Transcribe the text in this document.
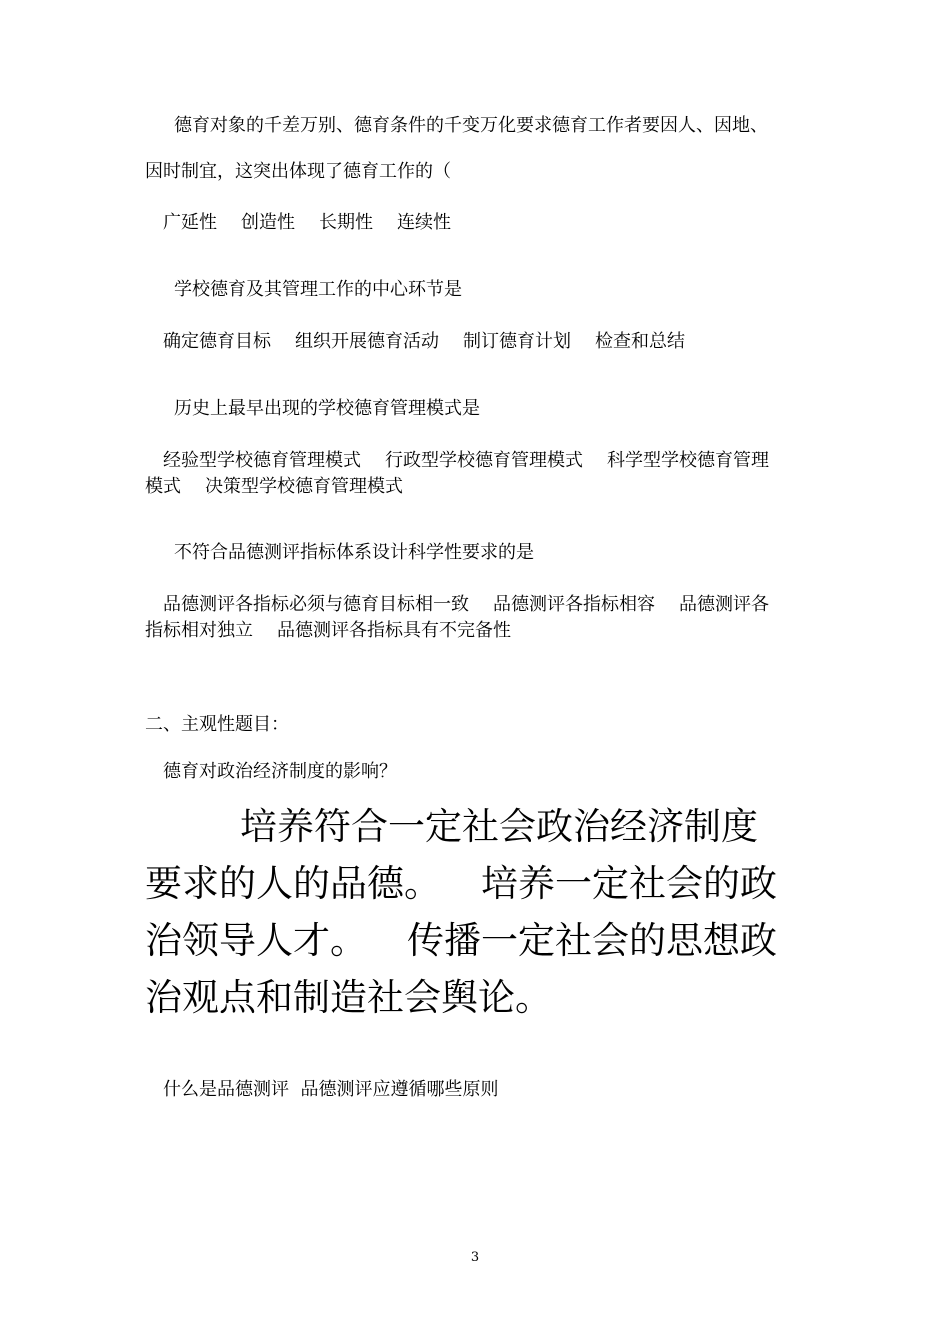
德育对象的千差万别、德育条件的千变万化要求德育工作者要因人、因地、
因时制宜，这突出体现了德育工作的（
广延性 创造性 长期性 连续性
学校德育及其管理工作的中心环节是
确定德育目标 组织开展德育活动 制订德育计划 检查和总结
历史上最早出现的学校德育管理模式是
经验型学校德育管理模式 行政型学校德育管理模式 科学型学校德育管理
模式 决策型学校德育管理模式
不符合品德测评指标体系设计科学性要求的是
品德测评各指标必须与德育目标相一致 品德测评各指标相容 品德测评各
指标相对独立 品德测评各指标具有不完备性
二、主观性题目：
德育对政治经济制度的影响？
培养符合一定社会政治经济制度
要求的人的品德。 培养一定社会的政
治领导人才。 传播一定社会的思想政
治观点和制造社会舆论。
什么是品德测评  品德测评应遵循哪些原则
3
